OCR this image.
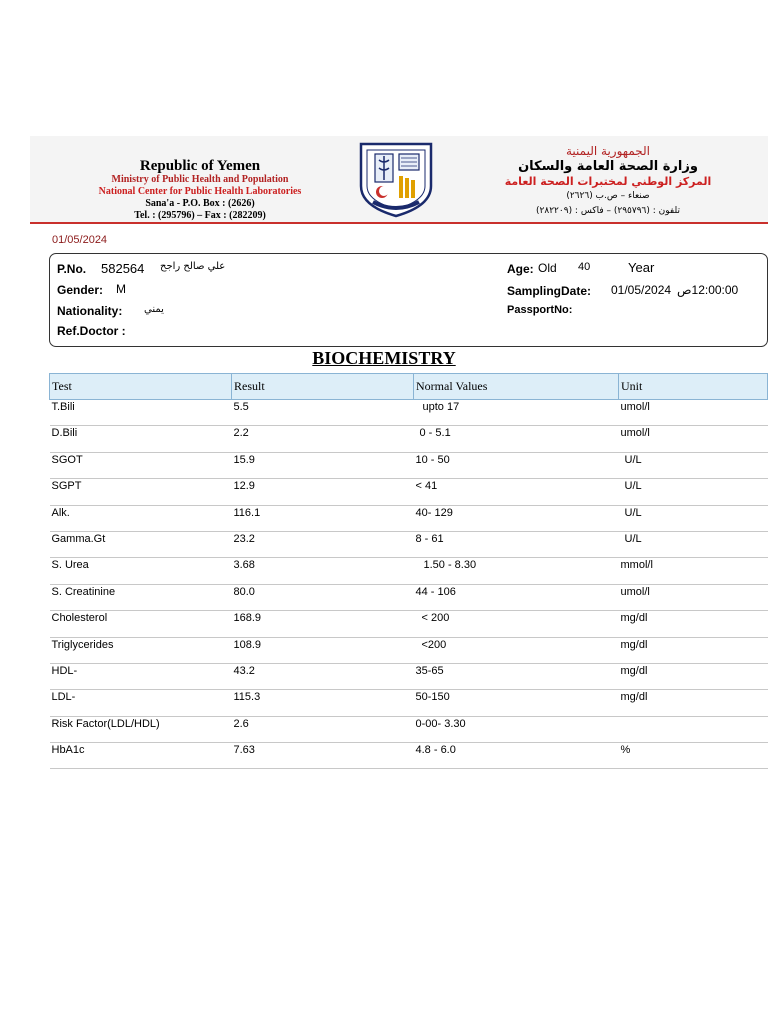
Republic of Yemen
Ministry of Public Health and Population
National Center for Public Health Laboratories
Sana'a - P.O. Box : (2626)
Tel. : (295796) – Fax : (282209)
الجمهورية اليمنية
وزارة الصحة العامة والسكان
المركز الوطني لمختبرات الصحة العامة
صنعاء – ص.ب (٢٦٢٦)
تلفون : (٢٩٥٧٩٦) – فاكس : (٢٨٢٢٠٩)
01/05/2024
P.No. 582564 علي صالح راجح
Gender: M
Nationality: يمني
Ref.Doctor :
Age: Old 40	Year
SamplingDate: 01/05/2024 12:00:00ص
PassportNo:
BIOCHEMISTRY
Test	Result	Normal Values	Unit
T.Bili	5.5	upto 17	umol/l
D.Bili	2.2	0 - 5.1	umol/l
SGOT	15.9	10 - 50	U/L
SGPT	12.9	< 41	U/L
Alk.	116.1	40- 129	U/L
Gamma.Gt	23.2	8 - 61	U/L
S. Urea	3.68	1.50 - 8.30	mmol/l
S. Creatinine	80.0	44 - 106	umol/l
Cholesterol	168.9	< 200	mg/dl
Triglycerides	108.9	<200	mg/dl
HDL-	43.2	35-65	mg/dl
LDL-	115.3	50-150	mg/dl
Risk Factor(LDL/HDL)	2.6	0-00- 3.30	
HbA1c	7.63	4.8 - 6.0	%
